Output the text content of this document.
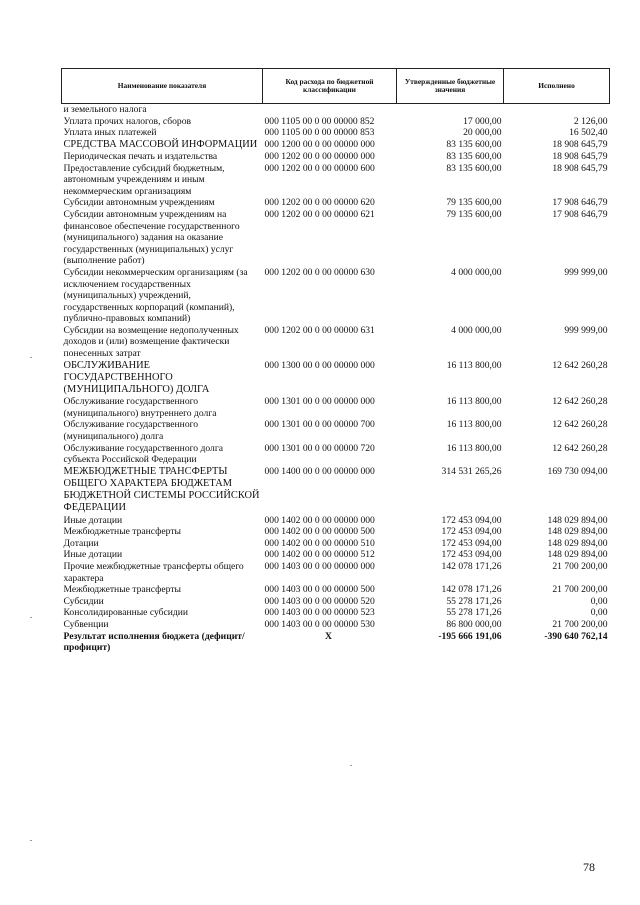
Наименование показателя	Код расхода по бюджетной классификации	Утвержденные бюджетные значения	Исполнено
и земельного налога			
Уплата прочих налогов, сборов	000 1105 00 0 00 00000 852	17 000,00	2 126,00
Уплата иных платежей	000 1105 00 0 00 00000 853	20 000,00	16 502,40
СРЕДСТВА МАССОВОЙ ИНФОРМАЦИИ	000 1200 00 0 00 00000 000	83 135 600,00	18 908 645,79
Периодическая печать и издательства	000 1202 00 0 00 00000 000	83 135 600,00	18 908 645,79
Предоставление субсидий бюджетным, автономным учреждениям и иным некоммерческим организациям	000 1202 00 0 00 00000 600	83 135 600,00	18 908 645,79
Субсидии автономным учреждениям	000 1202 00 0 00 00000 620	79 135 600,00	17 908 646,79
Субсидии автономным учреждениям на финансовое обеспечение государственного (муниципального) задания на оказание государственных (муниципальных) услуг (выполнение работ)	000 1202 00 0 00 00000 621	79 135 600,00	17 908 646,79
Субсидии некоммерческим организациям (за исключением государственных (муниципальных) учреждений, государственных корпораций (компаний), публично-правовых компаний)	000 1202 00 0 00 00000 630	4 000 000,00	999 999,00
Субсидии на возмещение недополученных доходов и (или) возмещение фактически понесенных затрат	000 1202 00 0 00 00000 631	4 000 000,00	999 999,00
ОБСЛУЖИВАНИЕ ГОСУДАРСТВЕННОГО (МУНИЦИПАЛЬНОГО) ДОЛГА	000 1300 00 0 00 00000 000	16 113 800,00	12 642 260,28
Обслуживание государственного (муниципального) внутреннего долга	000 1301 00 0 00 00000 000	16 113 800,00	12 642 260,28
Обслуживание государственного (муниципального) долга	000 1301 00 0 00 00000 700	16 113 800,00	12 642 260,28
Обслуживание государственного долга субъекта Российской Федерации	000 1301 00 0 00 00000 720	16 113 800,00	12 642 260,28
МЕЖБЮДЖЕТНЫЕ ТРАНСФЕРТЫ ОБЩЕГО ХАРАКТЕРА БЮДЖЕТАМ БЮДЖЕТНОЙ СИСТЕМЫ РОССИЙСКОЙ ФЕДЕРАЦИИ	000 1400 00 0 00 00000 000	314 531 265,26	169 730 094,00
Иные дотации	000 1402 00 0 00 00000 000	172 453 094,00	148 029 894,00
Межбюджетные трансферты	000 1402 00 0 00 00000 500	172 453 094,00	148 029 894,00
Дотации	000 1402 00 0 00 00000 510	172 453 094,00	148 029 894,00
Иные дотации	000 1402 00 0 00 00000 512	172 453 094,00	148 029 894,00
Прочие межбюджетные трансферты общего характера	000 1403 00 0 00 00000 000	142 078 171,26	21 700 200,00
Межбюджетные трансферты	000 1403 00 0 00 00000 500	142 078 171,26	21 700 200,00
Субсидии	000 1403 00 0 00 00000 520	55 278 171,26	0,00
Консолидированные субсидии	000 1403 00 0 00 00000 523	55 278 171,26	0,00
Субвенции	000 1403 00 0 00 00000 530	86 800 000,00	21 700 200,00
Результат исполнения бюджета (дефицит/профицит)	X	-195 666 191,06	-390 640 762,14
78
